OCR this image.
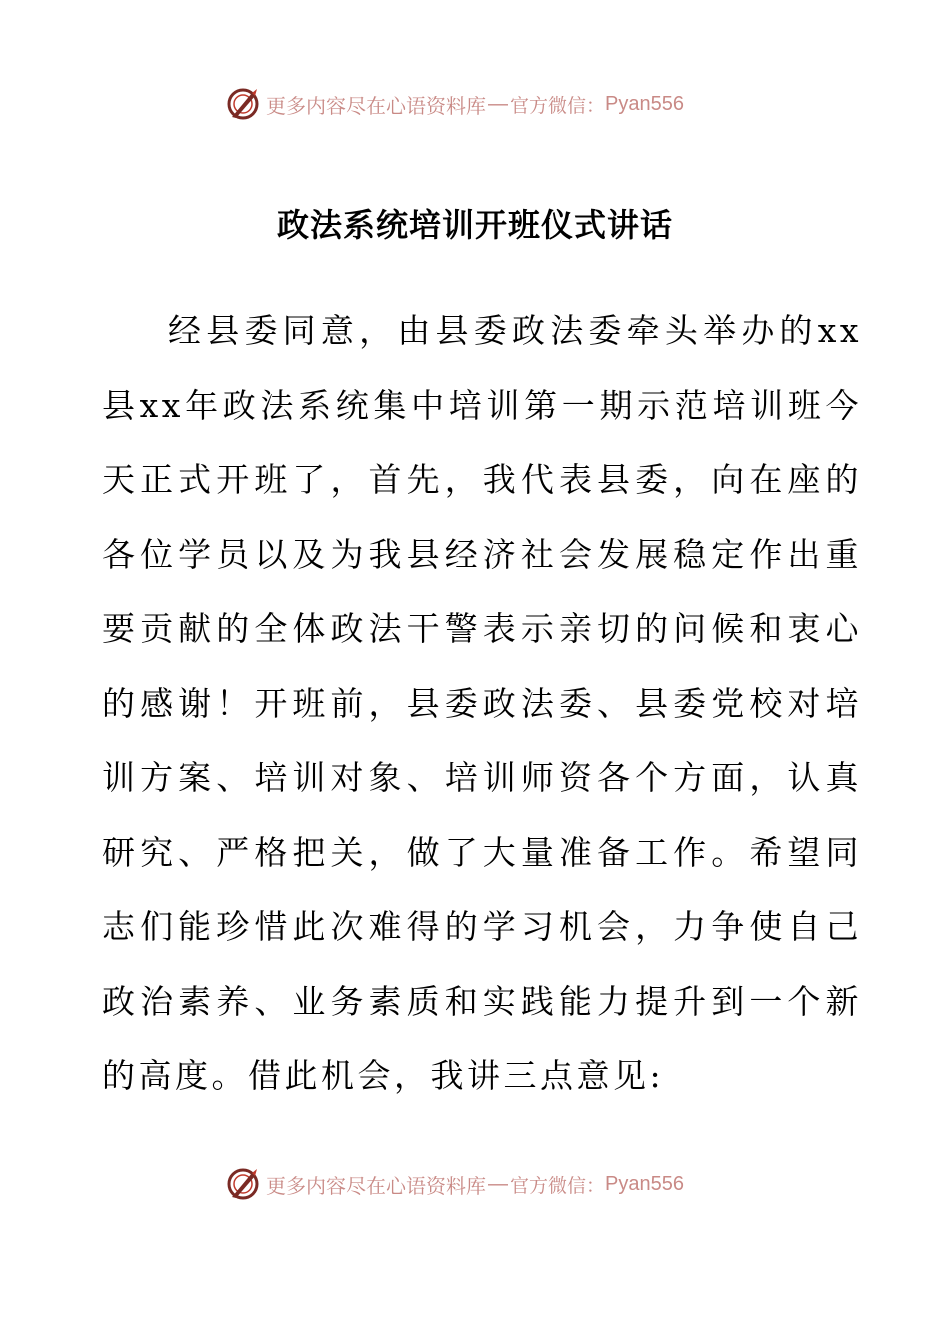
更多内容尽在心语资料库 — 官方微信： Pyan556
政法系统培训开班仪式讲话

经县委同意，由县委政法委牵头举办的xx县xx年政法系统集中培训第一期示范培训班今天正式开班了，首先，我代表县委，向在座的各位学员以及为我县经济社会发展稳定作出重要贡献的全体政法干警表示亲切的问候和衷心的感谢！开班前，县委政法委、县委党校对培训方案、培训对象、培训师资各个方面，认真研究、严格把关，做了大量准备工作。希望同志们能珍惜此次难得的学习机会，力争使自己政治素养、业务素质和实践能力提升到一个新的高度。借此机会，我讲三点意见:

更多内容尽在心语资料库 — 官方微信： Pyan556
